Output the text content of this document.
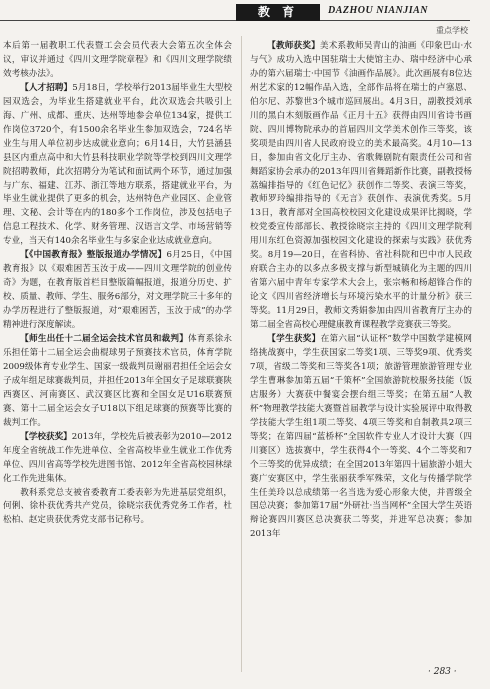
教 育	DAZHOU NIANJIAN
重点学校

本后第一届教职工代表暨工会会员代表大会第五次全体会议，审议并通过《四川文理学院章程》和《四川文理学院绩效考核办法》。

【人才招聘】5月18日，学校举行2013届毕业生大型校园双选会，为毕业生搭建就业平台，此次双选会共吸引上海、广州、成都、重庆、达州等地参会单位134家，提供工作岗位3720个，有1500余名毕业生参加双选会，724名毕业生与用人单位初步达成就业意向；6月14日，大竹县涵县县区内重点高中和大竹县科技职业学院等学校到四川文理学院招聘教师，此次招聘分为笔试和面试两个环节，通过加强与广东、福建、江苏、浙江等地方联系，搭建就业平台，为毕业生就业提供了更多的机会，达州特色产业园区、企业管理、文秘、会计等在内的180多个工作岗位，涉及包括电子信息工程技术、化学、财务管理、汉语言文学、市场营销等专业，当天有140余名毕业生与多家企业达成就业意向。

【《中国教育报》整版报道办学情况】6月25日，《中国教育报》以《艰难困苦玉汝于成——四川文理学院的创业传奇》为题，在教育版首栏目整版篇幅报道，报道分历史、扩校、质量、教师、学生、服务6部分，对文理学院三十多年的办学历程进行了整版报道，对“艰难困苦，玉汝于成”的办学精神进行深度解读。

【师生出任十二届全运会技术官员和裁判】体育系徐永乐担任第十二届全运会曲棍球男子预赛技术官员，体育学院2009级体育专业学生、国家一级裁判员谢丽君担任全运会女子成年组足球赛裁判员，并担任2013年全国女子足球联赛陕西赛区、河南赛区、武汉赛区比赛和全国女足U16联赛预赛、第十二届全运会女子U18以下组足球赛的预赛等比赛的裁判工作。

【学校获奖】2013年，学校先后被表彰为2010—2012年度全省统战工作先进单位、全省高校毕业生就业工作优秀单位、四川省高等学校先进图书馆、2012年全省高校园林绿化工作先进集体。

教科系党总支被省委教育工委表彰为先进基层党组织，何俐、徐朴获优秀共产党员，徐晓宗获优秀党务工作者，杜松柏、赵定贵获优秀党支部书记称号。

【教师获奖】美术系教师吴青山的油画《印象巴山·水与气》成功入选中国驻瑞士大使馆主办、瑞中经济中心承办的第六届瑞士·中国节《油画作品展》。此次画展有8位达州艺术家的12幅作品入选，全部作品将在瑞士的卢塞恩、伯尔尼、苏黎世3个城市巡回展出。4月3日，副教授刘承川的黑白木刻版画作品《正月十五》获得由四川省诗书画院、四川博物院承办的首届四川文学美术创作三等奖，该奖项是由四川省人民政府设立的美术最高奖。4月10—13日，参加由省文化厅主办、省歌舞剧院有限责任公司和省舞蹈家协会承办的2013年四川省舞蹈新作比赛，副教授杨荔编排指导的《红色记忆》获创作二等奖、表演三等奖，教师罗玲编排指导的《无言》获创作、表演优秀奖。5月13日，教育部对全国高校校园文化建设成果评比揭晓，学校党委宣传部部长、教授徐晓宗主持的《四川文理学院利用川东红色资源加强校园文化建设的探索与实践》获优秀奖。8月19—20日，在省科协、省社科院和巴中市人民政府联合主办的以多点多极支撑与新型城镇化为主题的四川省第六届中青年专家学术大会上，张宗畅和杨超锋合作的论文《四川省经济增长与环境污染水平的计量分析》获三等奖。11月29日，教师文秀娟参加由四川省教育厅主办的第二届全省高校心理健康教育课程教学竞赛获三等奖。

【学生获奖】在第六届“认证杯”数学中国数学建模网络挑战赛中，学生获国家二等奖1项、三等奖9项、优秀奖7项，省级二等奖和三等奖各1项；旅游管理旅游管理专业学生曹琳参加第五届“千策杯”全国旅游院校服务技能（饭店服务）大赛获中餐宴会摆台组三等奖；在第五届“人教杯”物理教学技能大赛暨首届教学与设计实验展评中取得教学技能大学生组1项二等奖、4项三等奖和自制教具2项三等奖；在第四届“蓝桥杯”全国软件专业人才设计大赛（四川赛区）选拔赛中，学生获得4个一等奖、4个二等奖和7个三等奖的优异成绩；在全国2013年第四十届旅游小姐大赛广安赛区中，学生张丽获季军殊荣，文化与传播学院学生任美玲以总成绩第一名当选为爱心形象大使，并晋级全国总决赛；参加第17届“外研社·当当网杯”全国大学生英语辩论赛四川赛区总决赛获二等奖，并进军总决赛；参加2013年

· 283 ·
